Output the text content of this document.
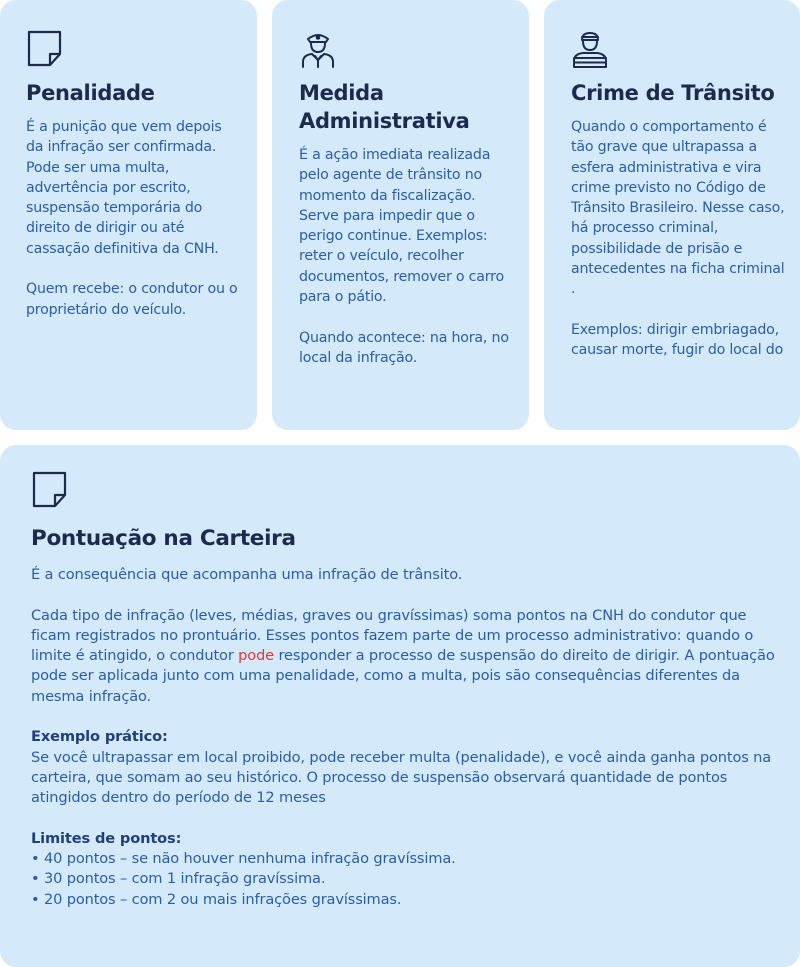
Penalidade

É a punição que vem depois da infração ser confirmada. Pode ser uma multa, advertência por escrito, suspensão temporária do direito de dirigir ou até cassação definitiva da CNH.

Quem recebe: o condutor ou o proprietário do veículo.

Medida Administrativa

É a ação imediata realizada pelo agente de trânsito no momento da fiscalização. Serve para impedir que o perigo continue. Exemplos: reter o veículo, recolher documentos, remover o carro para o pátio.

Quando acontece: na hora, no local da infração.

Crime de Trânsito

Quando o comportamento é tão grave que ultrapassa a esfera administrativa e vira crime previsto no Código de Trânsito Brasileiro. Nesse caso, há processo criminal, possibilidade de prisão e antecedentes na ficha criminal .

Exemplos: dirigir embriagado, causar morte, fugir do local do

Pontuação na Carteira

É a consequência que acompanha uma infração de trânsito.

Cada tipo de infração (leves, médias, graves ou gravíssimas) soma pontos na CNH do condutor que ficam registrados no prontuário. Esses pontos fazem parte de um processo administrativo: quando o limite é atingido, o condutor pode responder a processo de suspensão do direito de dirigir. A pontuação pode ser aplicada junto com uma penalidade, como a multa, pois são consequências diferentes da mesma infração.

Exemplo prático:

Se você ultrapassar em local proibido, pode receber multa (penalidade), e você ainda ganha pontos na carteira, que somam ao seu histórico. O processo de suspensão observará quantidade de pontos atingidos dentro do período de 12 meses

Limites de pontos:

• 40 pontos – se não houver nenhuma infração gravíssima.

• 30 pontos – com 1 infração gravíssima.

• 20 pontos – com 2 ou mais infrações gravíssimas.
